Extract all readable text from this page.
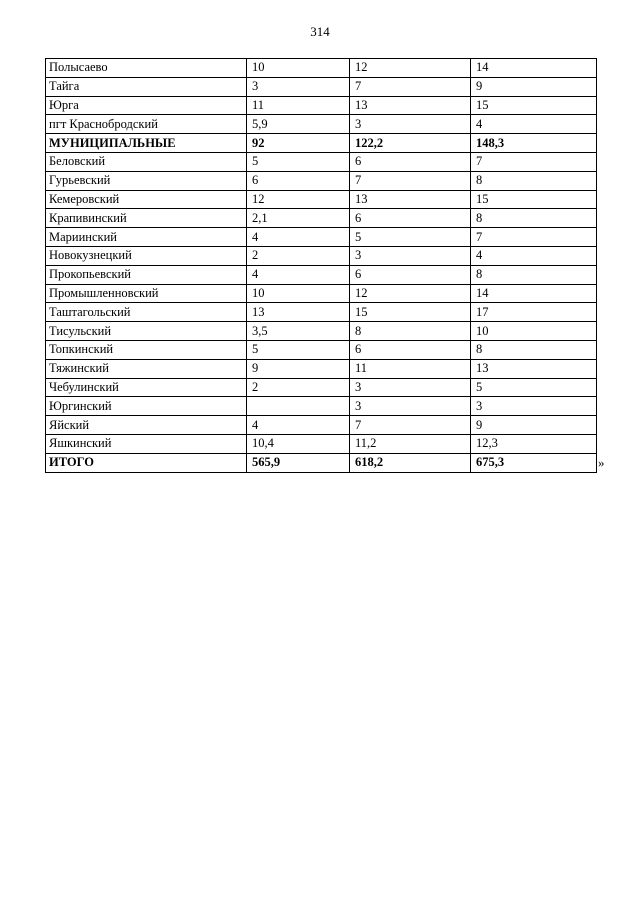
314
Полысаево	10	12	14
Тайга	3	7	9
Юрга	11	13	15
пгт Краснобродский	5,9	3	4
МУНИЦИПАЛЬНЫЕ	92	122,2	148,3
Беловский	5	6	7
Гурьевский	6	7	8
Кемеровский	12	13	15
Крапивинский	2,1	6	8
Мариинский	4	5	7
Новокузнецкий	2	3	4
Прокопьевский	4	6	8
Промышленновский	10	12	14
Таштагольский	13	15	17
Тисульский	3,5	8	10
Топкинский	5	6	8
Тяжинский	9	11	13
Чебулинский	2	3	5
Юргинский		3	3
Яйский	4	7	9
Яшкинский	10,4	11,2	12,3
ИТОГО	565,9	618,2	675,3	»
